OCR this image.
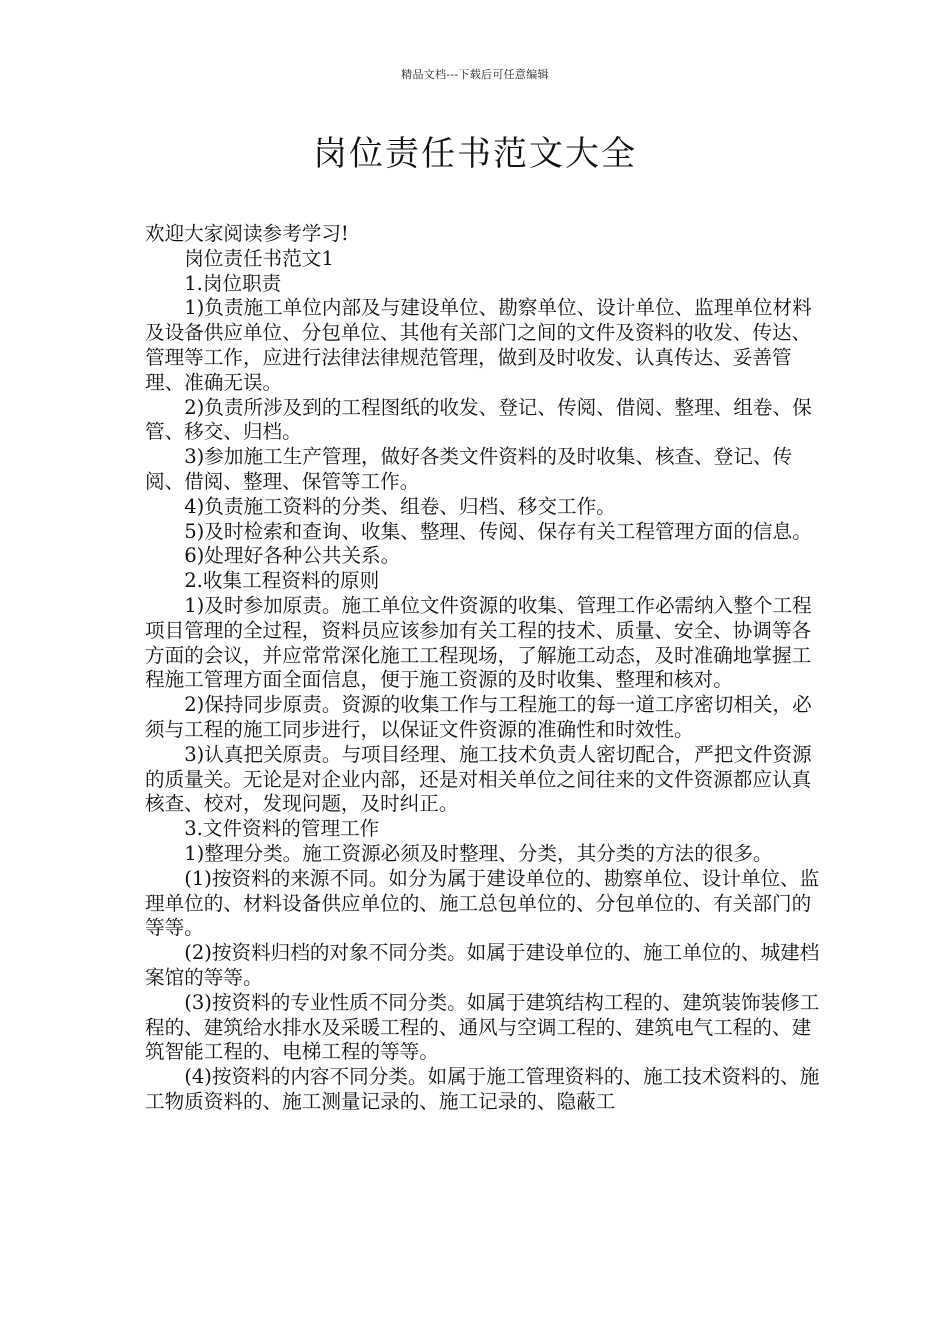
精品文档---下载后可任意编辑
岗位责任书范文大全

欢迎大家阅读参考学习!

岗位责任书范文1

1.岗位职责

1)负责施工单位内部及与建设单位、勘察单位、设计单位、监理单位材料及设备供应单位、分包单位、其他有关部门之间的文件及资料的收发、传达、管理等工作，应进行法律法律规范管理，做到及时收发、认真传达、妥善管理、准确无误。

2)负责所涉及到的工程图纸的收发、登记、传阅、借阅、整理、组卷、保管、移交、归档。

3)参加施工生产管理，做好各类文件资料的及时收集、核查、登记、传阅、借阅、整理、保管等工作。

4)负责施工资料的分类、组卷、归档、移交工作。

5)及时检索和查询、收集、整理、传阅、保存有关工程管理方面的信息。

6)处理好各种公共关系。

2.收集工程资料的原则

1)及时参加原责。施工单位文件资源的收集、管理工作必需纳入整个工程项目管理的全过程，资料员应该参加有关工程的技术、质量、安全、协调等各方面的会议，并应常常深化施工工程现场，了解施工动态，及时准确地掌握工程施工管理方面全面信息，便于施工资源的及时收集、整理和核对。

2)保持同步原责。资源的收集工作与工程施工的每一道工序密切相关，必须与工程的施工同步进行，以保证文件资源的准确性和时效性。

3)认真把关原责。与项目经理、施工技术负责人密切配合，严把文件资源的质量关。无论是对企业内部，还是对相关单位之间往来的文件资源都应认真核查、校对，发现问题，及时纠正。

3.文件资料的管理工作

1)整理分类。施工资源必须及时整理、分类，其分类的方法的很多。

(1)按资料的来源不同。如分为属于建设单位的、勘察单位、设计单位、监理单位的、材料设备供应单位的、施工总包单位的、分包单位的、有关部门的等等。

(2)按资料归档的对象不同分类。如属于建设单位的、施工单位的、城建档案馆的等等。

(3)按资料的专业性质不同分类。如属于建筑结构工程的、建筑装饰装修工程的、建筑给水排水及采暖工程的、通风与空调工程的、建筑电气工程的、建筑智能工程的、电梯工程的等等。

(4)按资料的内容不同分类。如属于施工管理资料的、施工技术资料的、施工物质资料的、施工测量记录的、施工记录的、隐蔽工
